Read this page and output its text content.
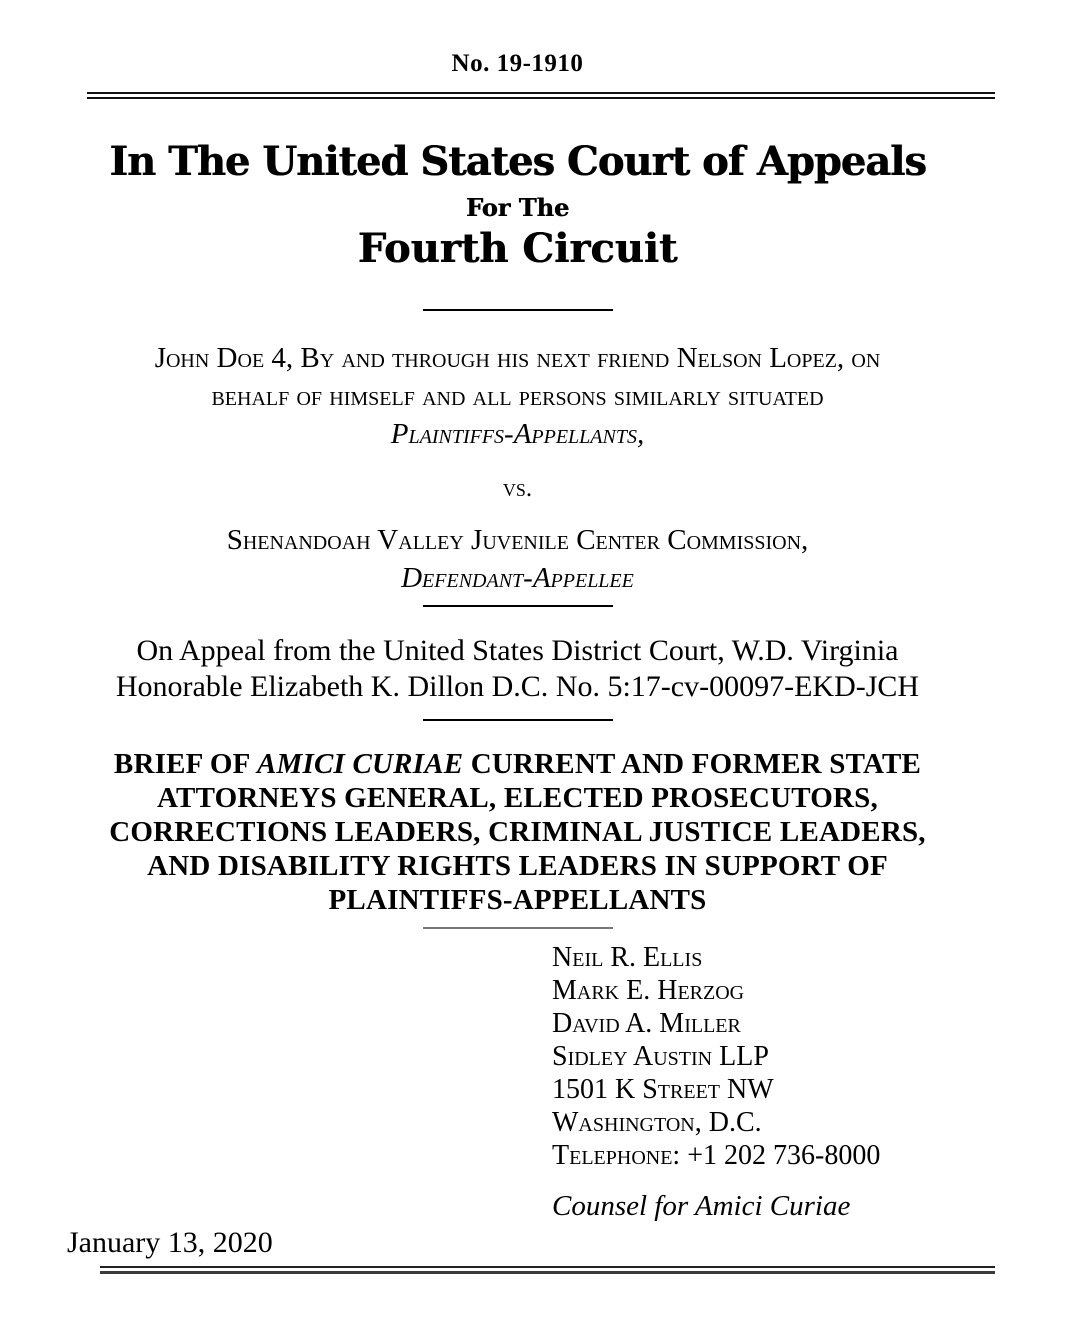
No. 19-1910
In The United States Court of Appeals
For The
Fourth Circuit
John Doe 4, By and through his next friend Nelson Lopez, on
behalf of himself and all persons similarly situated
Plaintiffs-Appellants,
vs.
Shenandoah Valley Juvenile Center Commission,
Defendant-Appellee
On Appeal from the United States District Court, W.D. Virginia
Honorable Elizabeth K. Dillon D.C. No. 5:17-cv-00097-EKD-JCH
BRIEF OF AMICI CURIAE CURRENT AND FORMER STATE
ATTORNEYS GENERAL, ELECTED PROSECUTORS,
CORRECTIONS LEADERS, CRIMINAL JUSTICE LEADERS,
AND DISABILITY RIGHTS LEADERS IN SUPPORT OF
PLAINTIFFS-APPELLANTS
Neil R. Ellis
Mark E. Herzog
David A. Miller
Sidley Austin LLP
1501 K Street NW
Washington, D.C.
Telephone: +1 202 736-8000
Counsel for Amici Curiae
January 13, 2020
